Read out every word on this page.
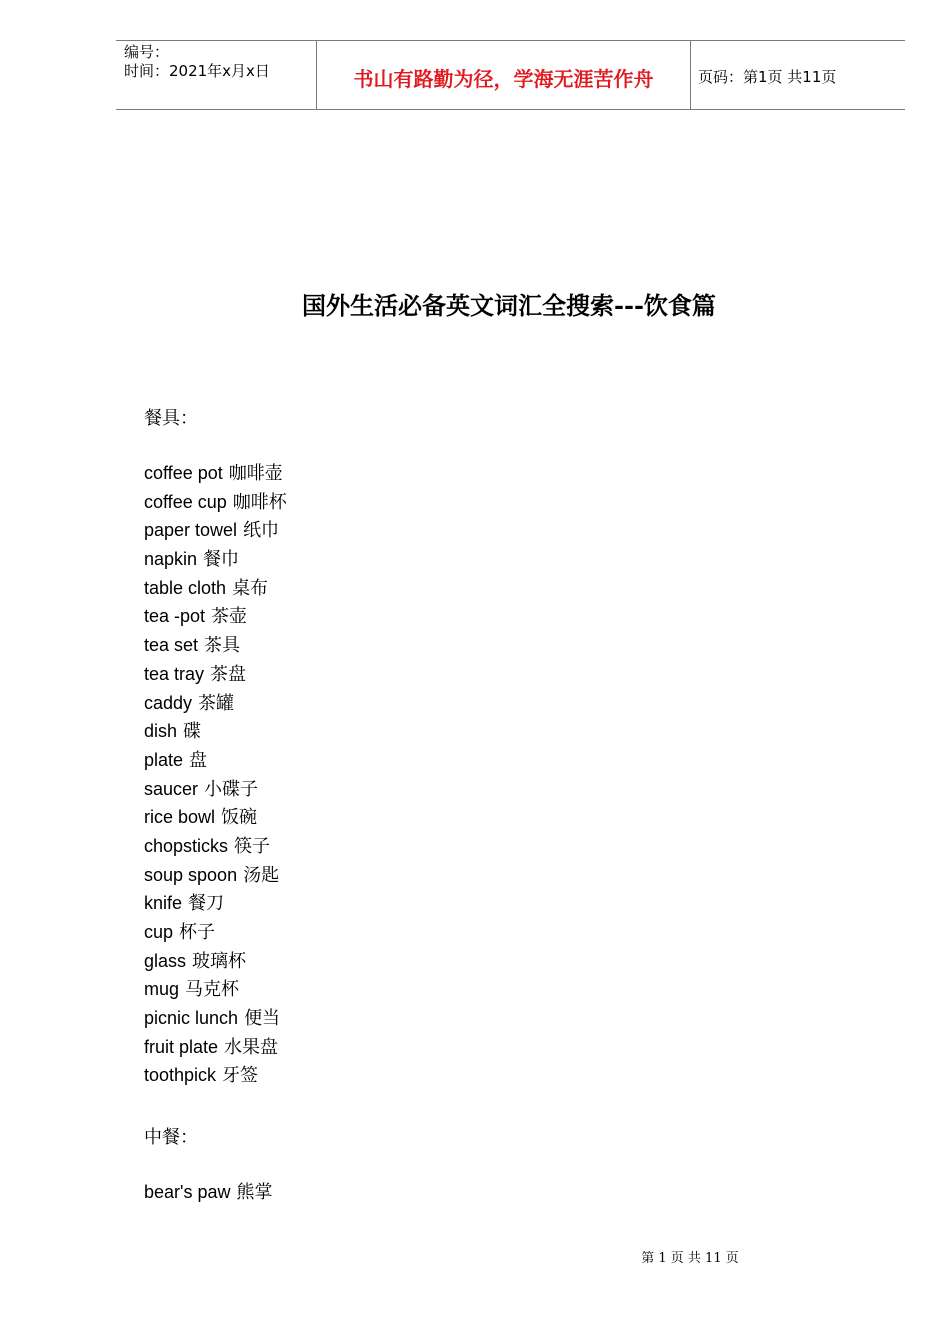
编号：
时间：2021年x月x日	书山有路勤为径，学海无涯苦作舟	页码：第1页 共11页
国外生活必备英文词汇全搜索---饮食篇
餐具：
coffee pot 咖啡壶
coffee cup 咖啡杯
paper towel 纸巾
napkin 餐巾
table cloth 桌布
tea -pot 茶壶
tea set 茶具
tea tray 茶盘
caddy 茶罐
dish 碟
plate 盘
saucer 小碟子
rice bowl 饭碗
chopsticks 筷子
soup spoon 汤匙
knife 餐刀
cup 杯子
glass 玻璃杯
mug 马克杯
picnic lunch 便当
fruit plate 水果盘
toothpick 牙签
中餐：
bear's paw 熊掌
第 1 页 共 11 页
